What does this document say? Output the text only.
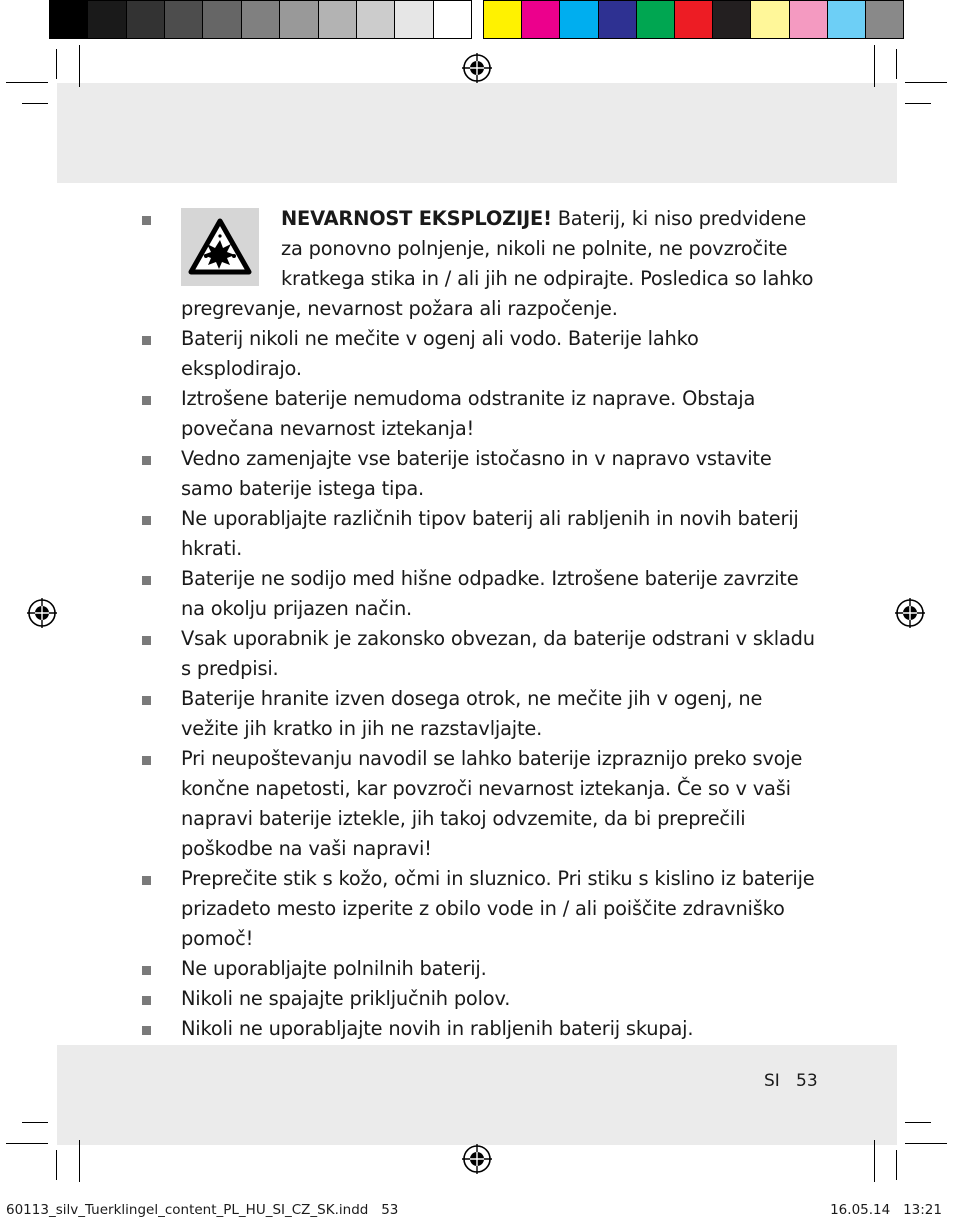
NEVARNOST EKSPLOZIJE! Baterij, ki niso predvidene za ponovno polnjenje, nikoli ne polnite, ne povzročite kratkega stika in / ali jih ne odpirajte. Posledica so lahko pregrevanje, nevarnost požara ali razpočenje.
Baterij nikoli ne mečite v ogenj ali vodo. Baterije lahko eksplodirajo.
Iztrošene baterije nemudoma odstranite iz naprave. Obstaja povečana nevarnost iztekanja!
Vedno zamenjajte vse baterije istočasno in v napravo vstavite samo baterije istega tipa.
Ne uporabljajte različnih tipov baterij ali rabljenih in novih baterij hkrati.
Baterije ne sodijo med hišne odpadke. Iztrošene baterije zavrzite na okolju prijazen način.
Vsak uporabnik je zakonsko obvezan, da baterije odstrani v skladu s predpisi.
Baterije hranite izven dosega otrok, ne mečite jih v ogenj, ne vežite jih kratko in jih ne razstavljajte.
Pri neupoštevanju navodil se lahko baterije izpraznijo preko svoje končne napetosti, kar povzroči nevarnost iztekanja. Če so v vaši napravi baterije iztekle, jih takoj odvzemite, da bi preprečili poškodbe na vaši napravi!
Preprečite stik s kožo, očmi in sluznico. Pri stiku s kislino iz baterije prizadeto mesto izperite z obilo vode in / ali poiščite zdravniško pomoč!
Ne uporabljajte polnilnih baterij.
Nikoli ne spajajte priključnih polov.
Nikoli ne uporabljajte novih in rabljenih baterij skupaj.
SI 53
60113_silv_Tuerklingel_content_PL_HU_SI_CZ_SK.indd   53	16.05.14   13:21
